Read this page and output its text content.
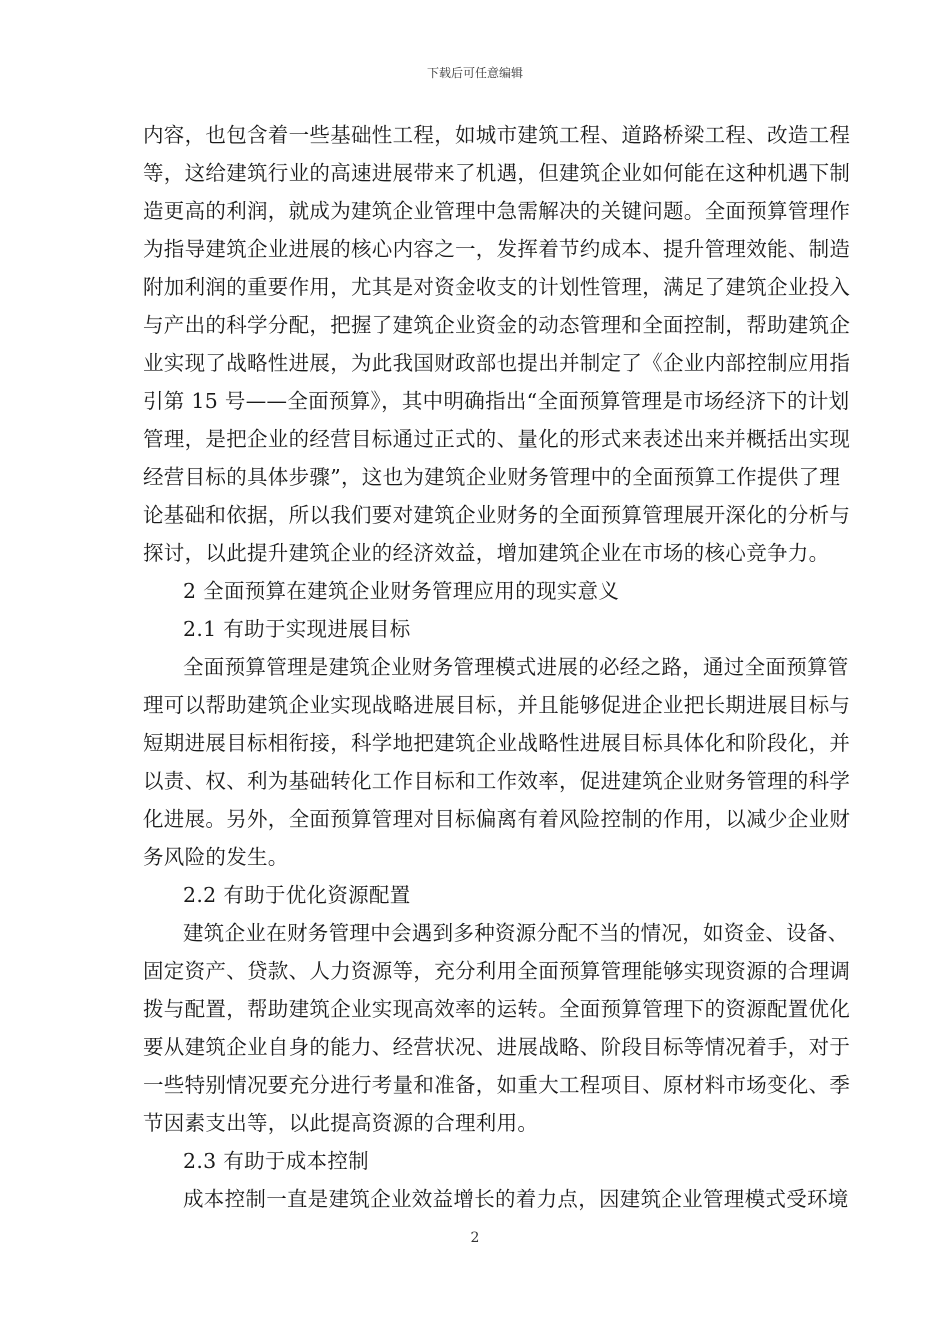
下载后可任意编辑
内容，也包含着一些基础性工程，如城市建筑工程、道路桥梁工程、改造工程
等，这给建筑行业的高速进展带来了机遇，但建筑企业如何能在这种机遇下制
造更高的利润，就成为建筑企业管理中急需解决的关键问题。全面预算管理作
为指导建筑企业进展的核心内容之一，发挥着节约成本、提升管理效能、制造
附加利润的重要作用，尤其是对资金收支的计划性管理，满足了建筑企业投入
与产出的科学分配，把握了建筑企业资金的动态管理和全面控制，帮助建筑企
业实现了战略性进展，为此我国财政部也提出并制定了《企业内部控制应用指
引第 15 号——全面预算》，其中明确指出“全面预算管理是市场经济下的计划
管理，是把企业的经营目标通过正式的、量化的形式来表述出来并概括出实现
经营目标的具体步骤”，这也为建筑企业财务管理中的全面预算工作提供了理
论基础和依据，所以我们要对建筑企业财务的全面预算管理展开深化的分析与
探讨，以此提升建筑企业的经济效益，增加建筑企业在市场的核心竞争力。
2 全面预算在建筑企业财务管理应用的现实意义
2.1 有助于实现进展目标
全面预算管理是建筑企业财务管理模式进展的必经之路，通过全面预算管
理可以帮助建筑企业实现战略进展目标，并且能够促进企业把长期进展目标与
短期进展目标相衔接，科学地把建筑企业战略性进展目标具体化和阶段化，并
以责、权、利为基础转化工作目标和工作效率，促进建筑企业财务管理的科学
化进展。另外，全面预算管理对目标偏离有着风险控制的作用，以减少企业财
务风险的发生。
2.2 有助于优化资源配置
建筑企业在财务管理中会遇到多种资源分配不当的情况，如资金、设备、
固定资产、贷款、人力资源等，充分利用全面预算管理能够实现资源的合理调
拨与配置，帮助建筑企业实现高效率的运转。全面预算管理下的资源配置优化
要从建筑企业自身的能力、经营状况、进展战略、阶段目标等情况着手，对于
一些特别情况要充分进行考量和准备，如重大工程项目、原材料市场变化、季
节因素支出等，以此提高资源的合理利用。
2.3 有助于成本控制
成本控制一直是建筑企业效益增长的着力点，因建筑企业管理模式受环境
2
